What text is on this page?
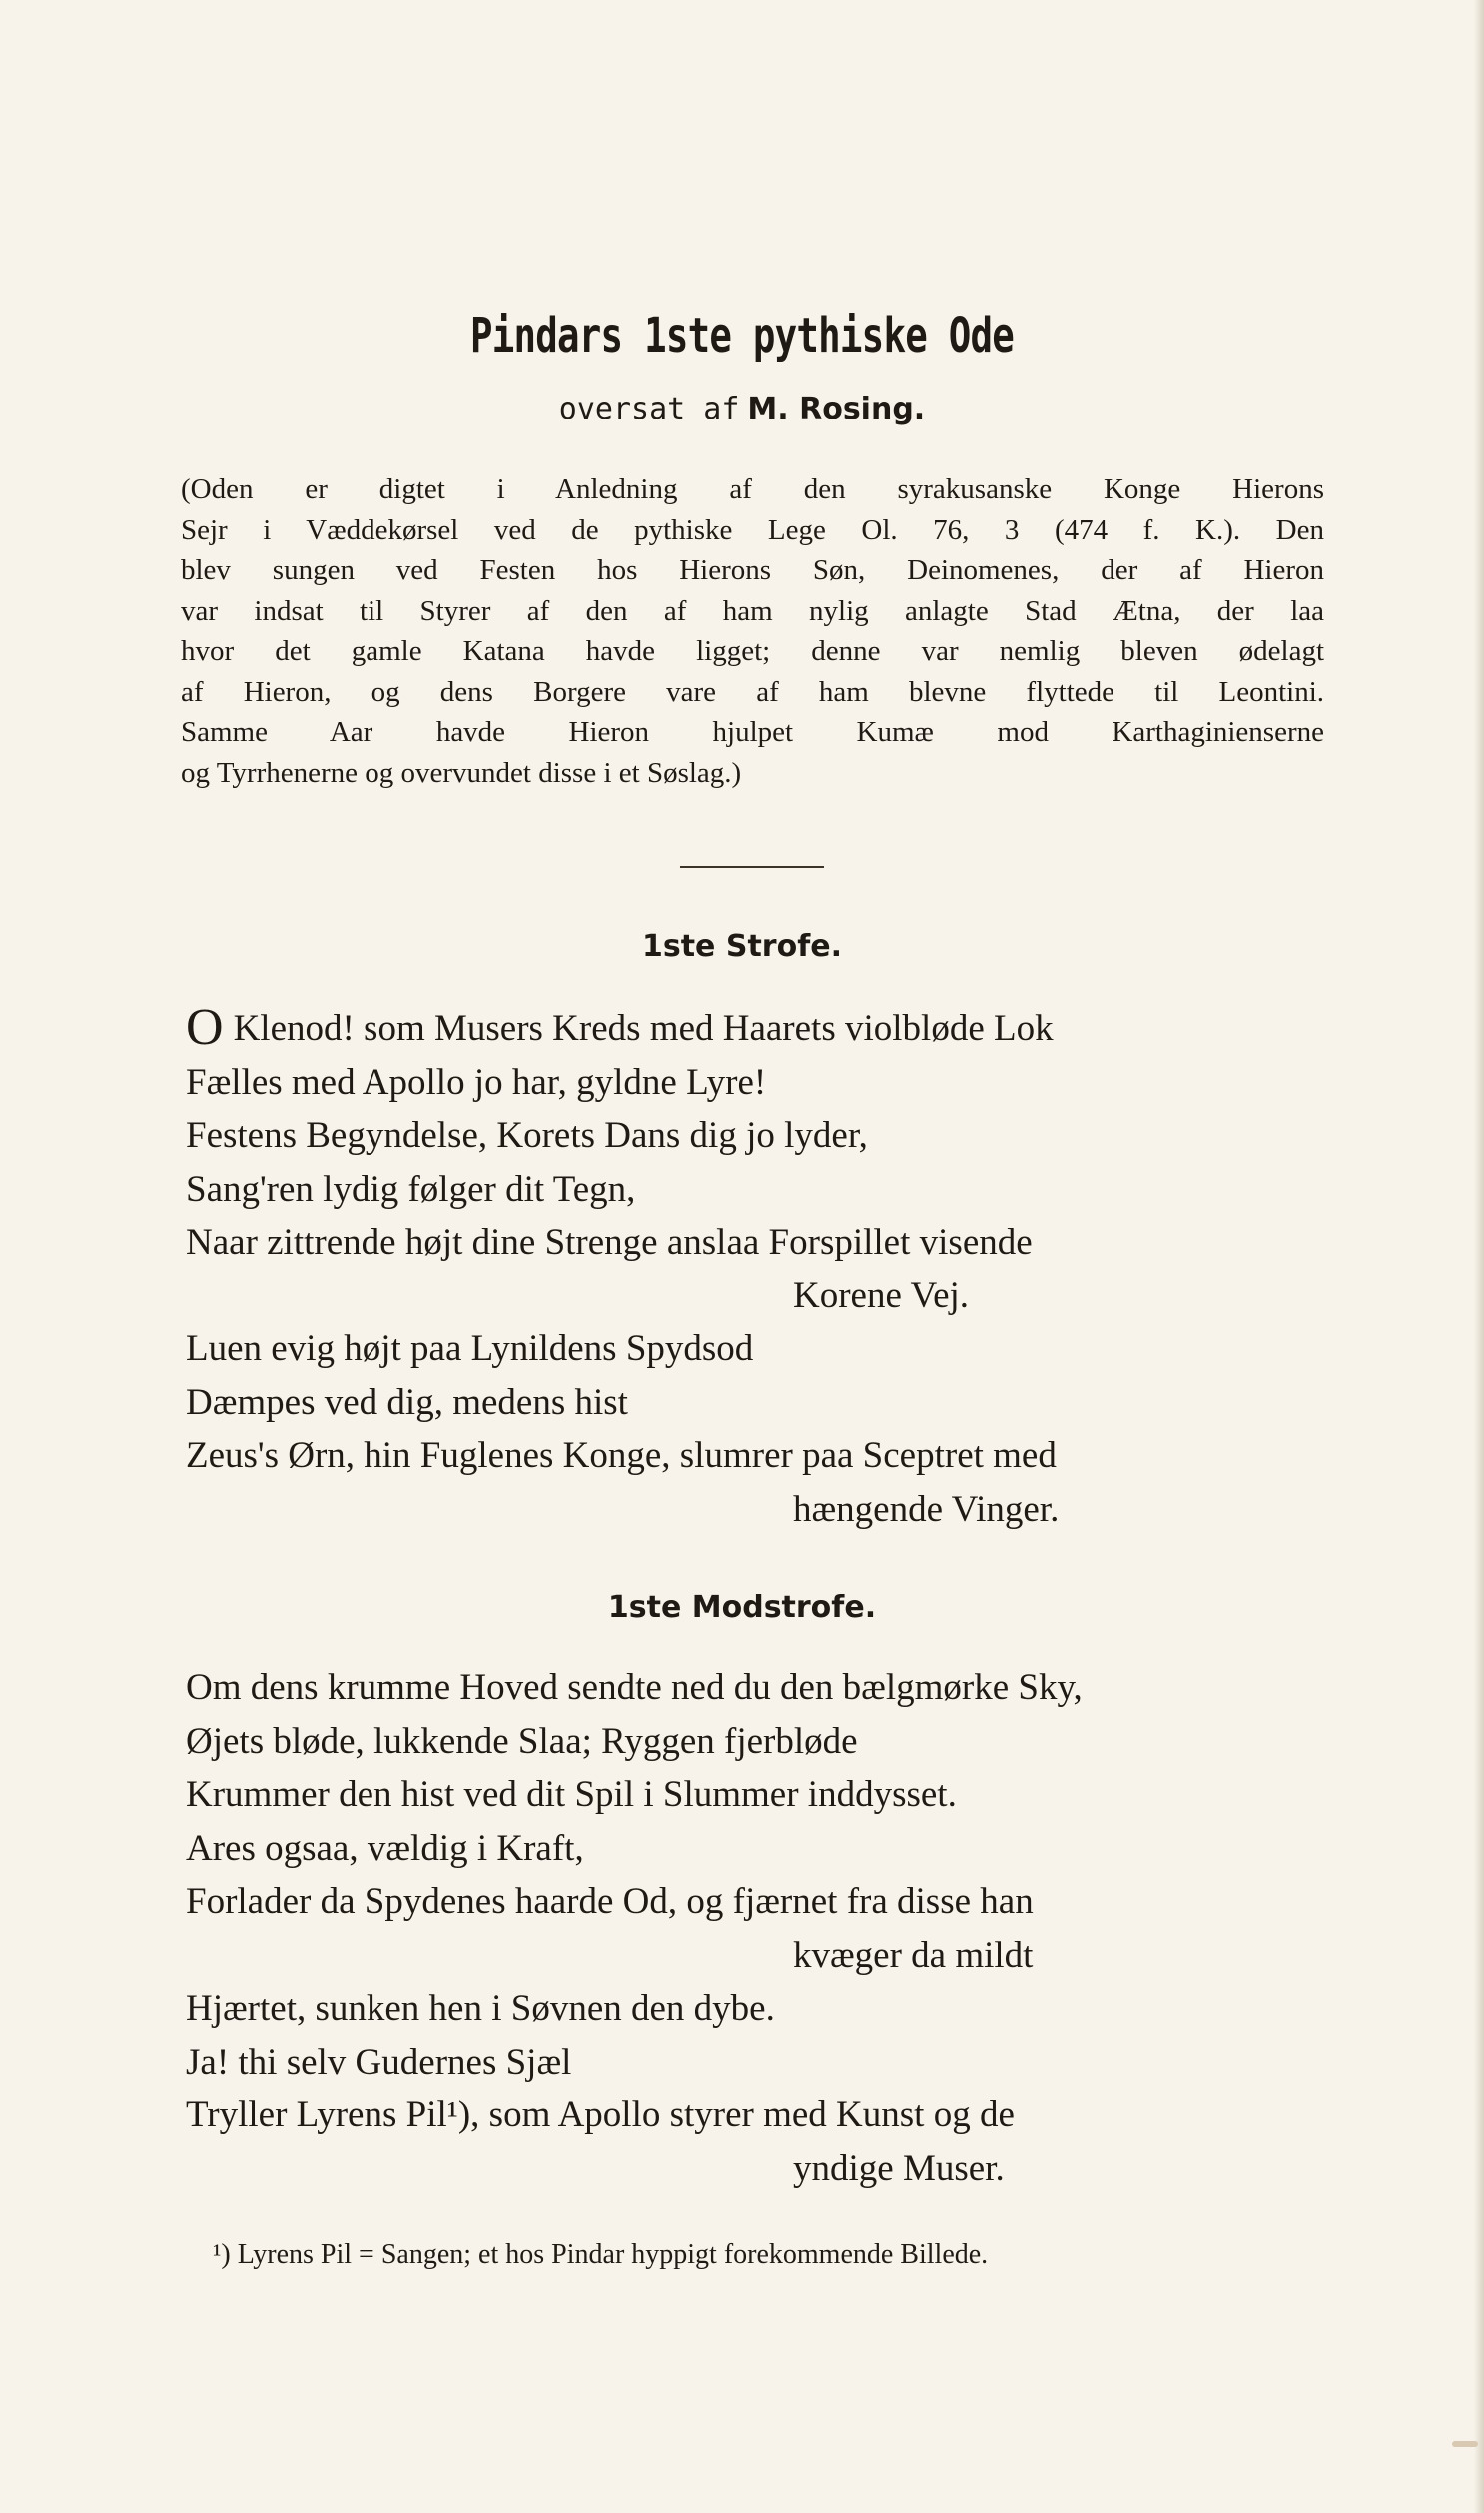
Pindars 1ste pythiske Ode
oversat af M. Rosing.
(Oden er digtet i Anledning af den syrakusanske Konge Hierons
Sejr i Væddekørsel ved de pythiske Lege Ol. 76, 3 (474 f. K.). Den
blev sungen ved Festen hos Hierons Søn, Deinomenes, der af Hieron
var indsat til Styrer af den af ham nylig anlagte Stad Ætna, der laa
hvor det gamle Katana havde ligget; denne var nemlig bleven ødelagt
af Hieron, og dens Borgere vare af ham blevne flyttede til Leontini.
Samme Aar havde Hieron hjulpet Kumæ mod Karthaginienserne
og Tyrrhenerne og overvundet disse i et Søslag.)
1ste Strofe.
O Klenod! som Musers Kreds med Haarets violbløde Lok
Fælles med Apollo jo har, gyldne Lyre!
Festens Begyndelse, Korets Dans dig jo lyder,
Sang'ren lydig følger dit Tegn,
Naar zittrende højt dine Strenge anslaa Forspillet visende
Korene Vej.
Luen evig højt paa Lynildens Spydsod
Dæmpes ved dig, medens hist
Zeus's Ørn, hin Fuglenes Konge, slumrer paa Sceptret med
hængende Vinger.
1ste Modstrofe.
Om dens krumme Hoved sendte ned du den bælgmørke Sky,
Øjets bløde, lukkende Slaa; Ryggen fjerbløde
Krummer den hist ved dit Spil i Slummer inddysset.
Ares ogsaa, vældig i Kraft,
Forlader da Spydenes haarde Od, og fjærnet fra disse han
kvæger da mildt
Hjærtet, sunken hen i Søvnen den dybe.
Ja! thi selv Gudernes Sjæl
Tryller Lyrens Pil¹), som Apollo styrer med Kunst og de
yndige Muser.
¹) Lyrens Pil = Sangen; et hos Pindar hyppigt forekommende Billede.
